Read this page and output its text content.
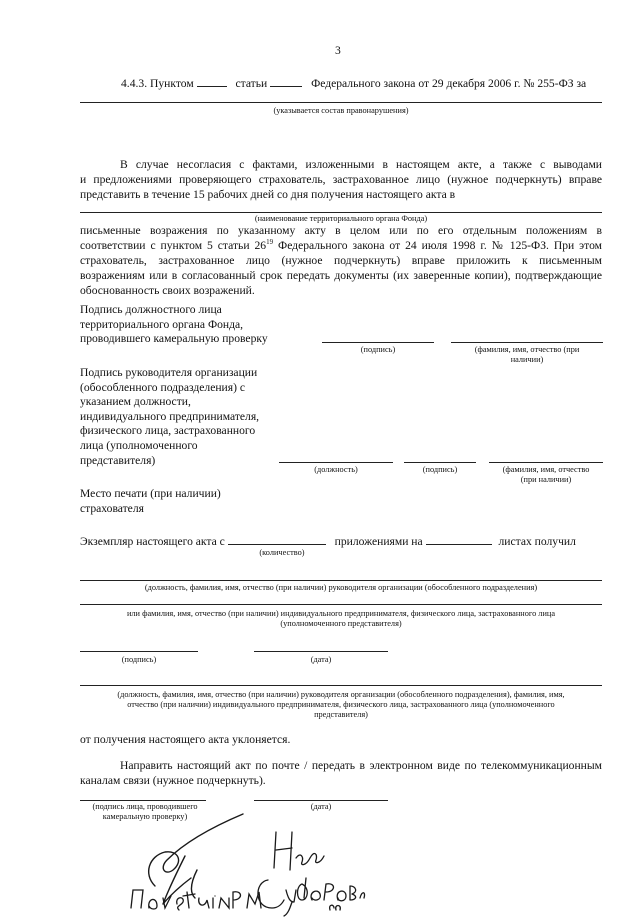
3
4.4.3. Пунктом	статьи	Федерального закона от 29 декабря 2006 г. № 255-ФЗ за
(указывается состав правонарушения)
В случае несогласия с фактами, изложенными в настоящем акте, а также с выводами
и предложениями проверяющего страхователь, застрахованное лицо (нужное подчеркнуть) вправе
представить в течение 15 рабочих дней со дня получения настоящего акта в
(наименование территориального органа Фонда)
письменные возражения по указанному акту в целом или по его отдельным положениям в
соответствии с пунктом 5 статьи $26^{19}$ Федерального закона от 24 июля 1998 г. № 125-ФЗ. При этом
страхователь, застрахованное лицо (нужное подчеркнуть) вправе приложить к письменным
возражениям или в согласованный срок передать документы (их заверенные копии), подтверждающие
обоснованность своих возражений.
Подпись должностного лица
территориального органа Фонда,
проводившего камеральную проверку
(подпись)	(фамилия, имя, отчество (при
наличии)
Подпись руководителя организации
(обособленного подразделения) с
указанием должности,
индивидуального предпринимателя,
физического лица, застрахованного
лица (уполномоченного
представителя)
(должность)	(подпись)	(фамилия, имя, отчество
(при наличии)
Место печати (при наличии)
страхователя
Экземпляр настоящего акта с	приложениями на	листах получил
(количество)
(должность, фамилия, имя, отчество (при наличии) руководителя организации (обособленного подразделения)
или фамилия, имя, отчество (при наличии) индивидуального предпринимателя, физического лица, застрахованного лица
(уполномоченного представителя)
(подпись)	(дата)
(должность, фамилия, имя, отчество (при наличии) руководителя организации (обособленного подразделения), фамилия, имя,
отчество (при наличии) индивидуального предпринимателя, физического лица, застрахованного лица (уполномоченного
представителя)
от получения настоящего акта уклоняется.
Направить настоящий акт по почте / передать в электронном виде по телекоммуникационным
каналам связи (нужное подчеркнуть).
(подпись лица, проводившего
камеральную проверку)
(дата)
